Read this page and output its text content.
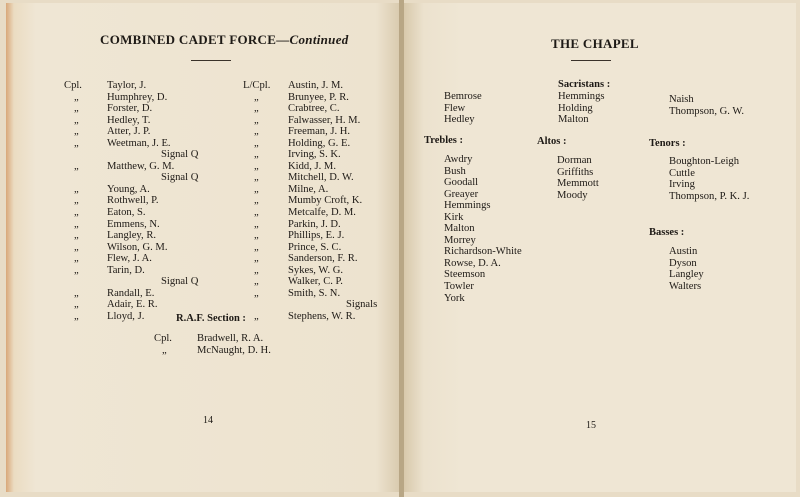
COMBINED CADET FORCE—Continued
Cpl.
„
„
„
„
„
„
„
„
„
„
„
„
„
„
„
„
„
Taylor, J.
Humphrey, D.
Forster, D.
Hedley, T.
Atter, J. P.
Weetman, J. E.
Signal Q
Matthew, G. M.
Signal Q
Young, A.
Rothwell, P.
Eaton, S.
Emmens, N.
Langley, R.
Wilson, G. M.
Flew, J. A.
Tarin, D.
Signal Q
Randall, E.
Adair, E. R.
Lloyd, J.
L/Cpl.
„
„
„
„
„
„
„
„
„
„
„
„
„
„
„
„
„
„
„
Austin, J. M.
Brunyee, P. R.
Crabtree, C.
Falwasser, H. M.
Freeman, J. H.
Holding, G. E.
Irving, S. K.
Kidd, J. M.
Mitchell, D. W.
Milne, A.
Mumby Croft, K.
Metcalfe, D. M.
Parkin, J. D.
Phillips, E. J.
Prince, S. C.
Sanderson, F. R.
Sykes, W. G.
Walker, C. P.
Smith, S. N.
Signals
Stephens, W. R.
R.A.F. Section :
Cpl.
„
Bradwell, R. A.
McNaught, D. H.
14
THE CHAPEL
Sacristans :
Bemrose
Flew
Hedley
Hemmings
Holding
Malton
Naish
Thompson, G. W.
Trebles :
Awdry
Bush
Goodall
Greayer
Hemmings
Kirk
Malton
Morrey
Richardson-White
Rowse, D. A.
Steemson
Towler
York
Altos :
Dorman
Griffiths
Memmott
Moody
Tenors :
Boughton-Leigh
Cuttle
Irving
Thompson, P. K. J.
Basses :
Austin
Dyson
Langley
Walters
15
